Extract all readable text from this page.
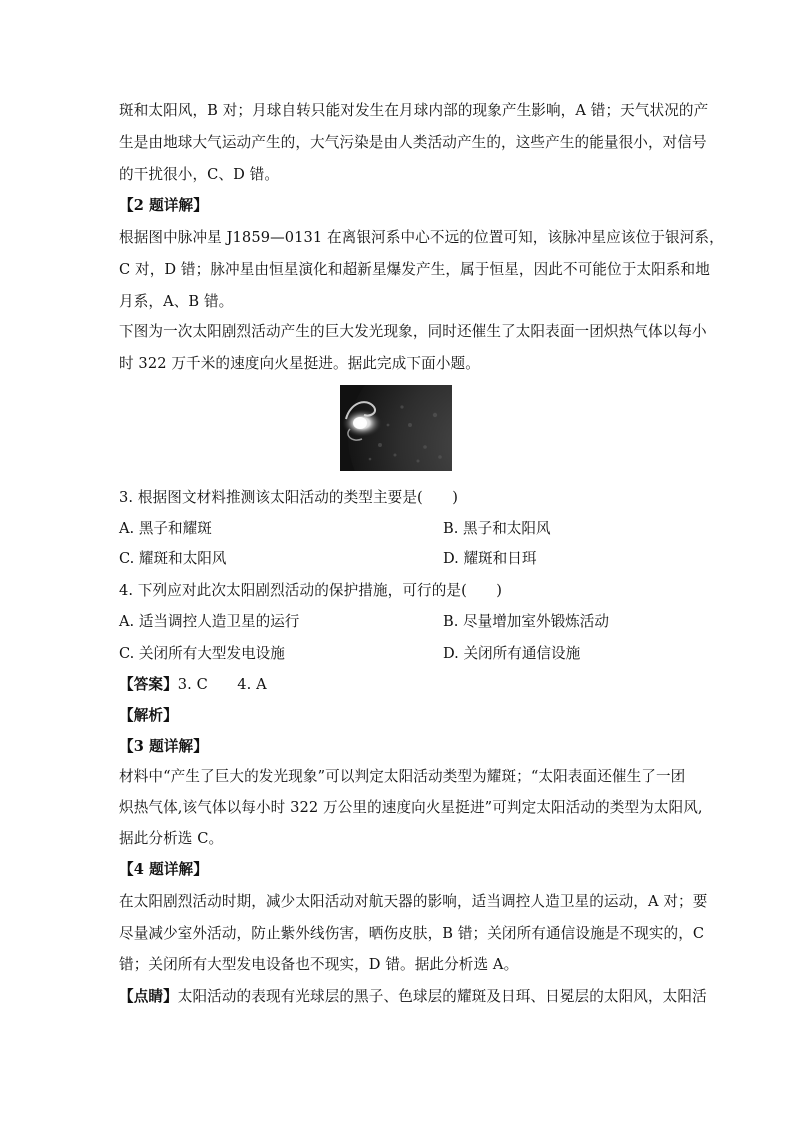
斑和太阳风，B 对；月球自转只能对发生在月球内部的现象产生影响，A 错；天气状况的产
生是由地球大气运动产生的，大气污染是由人类活动产生的，这些产生的能量很小，对信号
的干扰很小，C、D 错。
【2 题详解】
根据图中脉冲星 J1859—0131 在离银河系中心不远的位置可知，该脉冲星应该位于银河系，
C 对，D 错；脉冲星由恒星演化和超新星爆发产生，属于恒星，因此不可能位于太阳系和地
月系，A、B 错。
下图为一次太阳剧烈活动产生的巨大发光现象，同时还催生了太阳表面一团炽热气体以每小
时 322 万千米的速度向火星挺进。据此完成下面小题。
3. 根据图文材料推测该太阳活动的类型主要是(　　)
A. 黑子和耀斑	B. 黑子和太阳风
C. 耀斑和太阳风	D. 耀斑和日珥
4. 下列应对此次太阳剧烈活动的保护措施，可行的是(　　)
A. 适当调控人造卫星的运行	B. 尽量增加室外锻炼活动
C. 关闭所有大型发电设施	D. 关闭所有通信设施
【答案】3. C　　4. A
【解析】
【3 题详解】
材料中“产生了巨大的发光现象”可以判定太阳活动类型为耀斑；“太阳表面还催生了一团
炽热气体,该气体以每小时 322 万公里的速度向火星挺进”可判定太阳活动的类型为太阳风,
据此分析选 C。
【4 题详解】
在太阳剧烈活动时期，减少太阳活动对航天器的影响，适当调控人造卫星的运动，A 对；要
尽量减少室外活动，防止紫外线伤害，晒伤皮肤，B 错；关闭所有通信设施是不现实的，C
错；关闭所有大型发电设备也不现实，D 错。据此分析选 A。
【点睛】太阳活动的表现有光球层的黑子、色球层的耀斑及日珥、日冕层的太阳风，太阳活
